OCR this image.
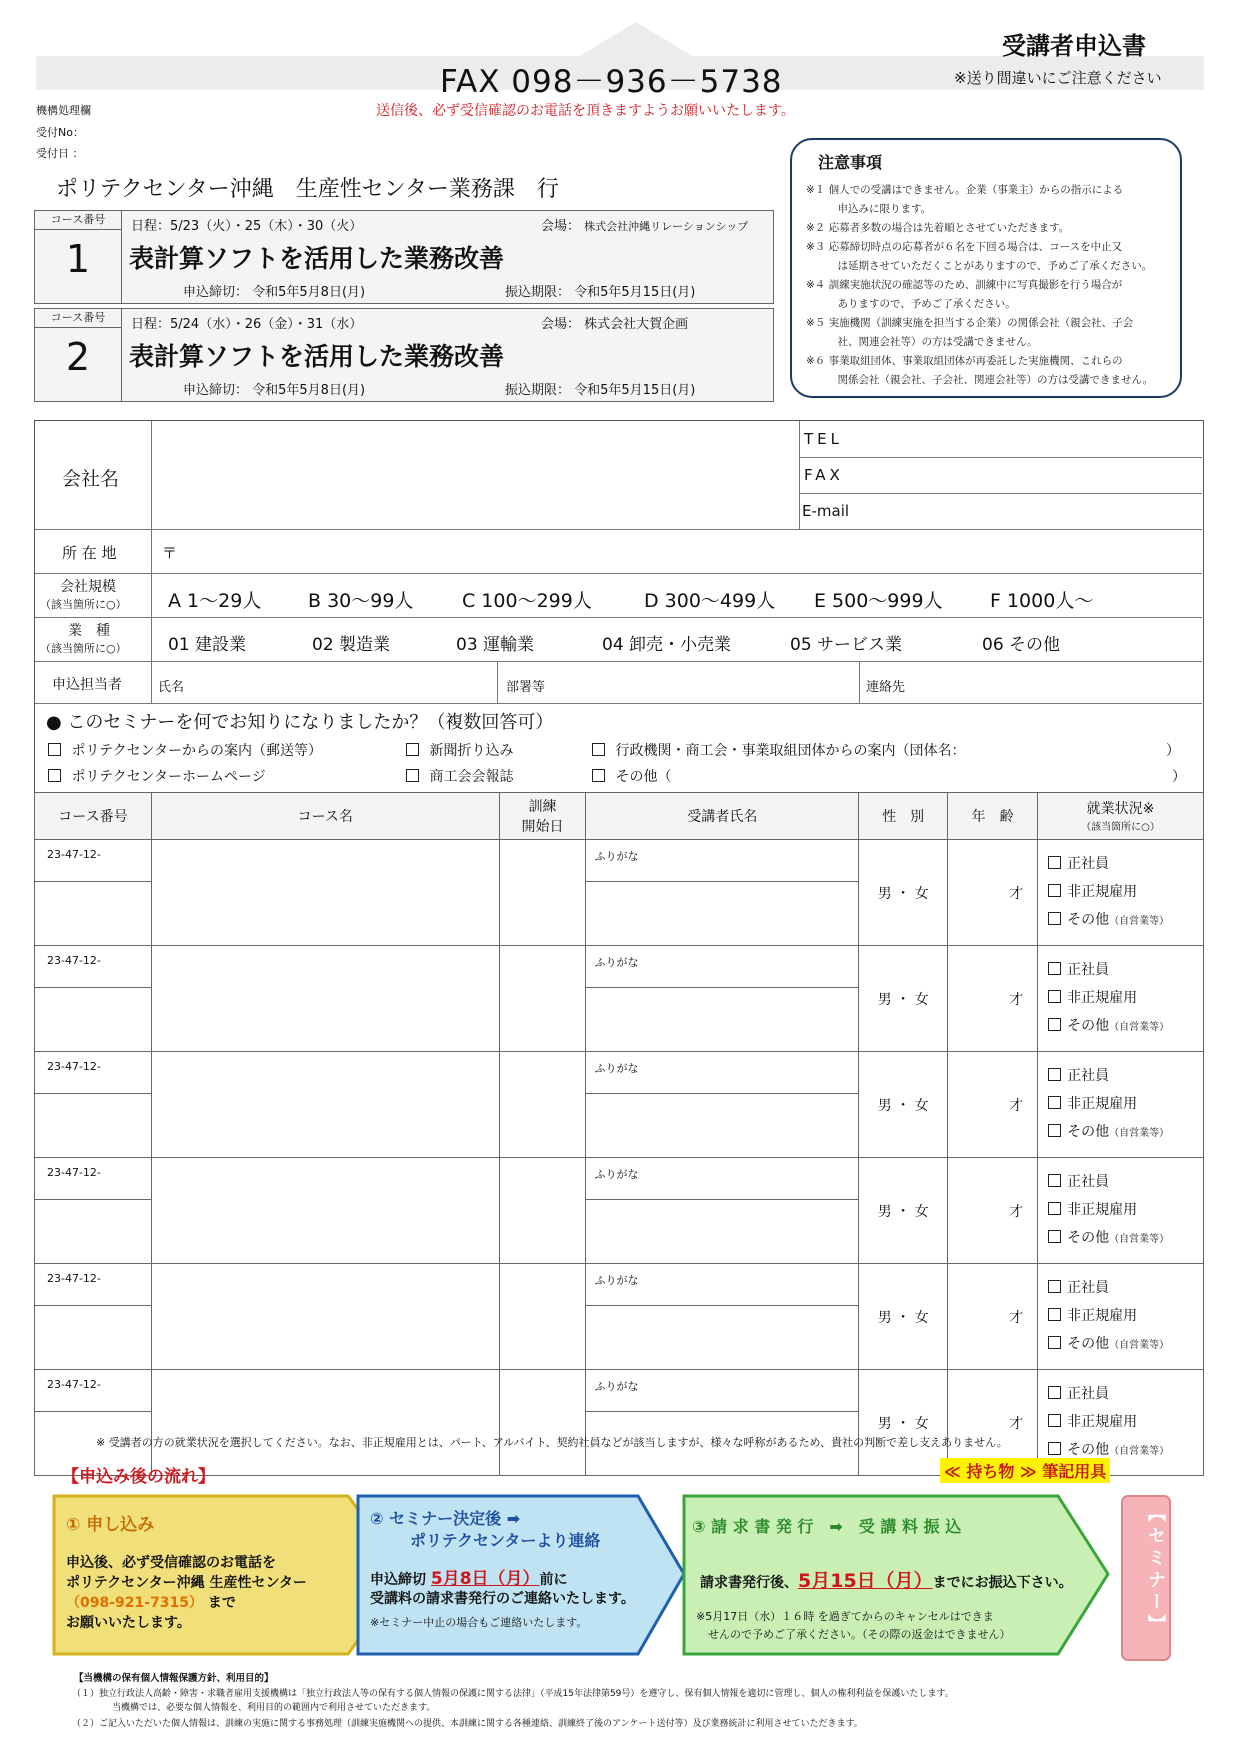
受講者申込書
FAX 098－936－5738	※送り間違いにご注意ください
機構処理欄	送信後、必ず受信確認のお電話を頂きますようお願いいたします。
受付No：
受付日 ：
ポリテクセンター沖縄　生産性センター業務課　行
コース番号
1
日程：5/23（火）・25（木）・30（火）	会場： 株式会社沖縄リレーションシップ
表計算ソフトを活用した業務改善
申込締切： 令和5年5月8日(月)	振込期限： 令和5年5月15日(月)
コース番号
2
日程：5/24（水）・26（金）・31（水）	会場： 株式会社大賀企画
表計算ソフトを活用した業務改善
申込締切： 令和5年5月8日(月)	振込期限： 令和5年5月15日(月)
注意事項
※１ 個人での受講はできません。企業（事業主）からの指示による
　　　申込みに限ります。
※２ 応募者多数の場合は先着順とさせていただきます。
※３ 応募締切時点の応募者が６名を下回る場合は、コースを中止又
　　　は延期させていただくことがありますので、予めご了承ください。
※４ 訓練実施状況の確認等のため、訓練中に写真撮影を行う場合が
　　　ありますので、予めご了承ください。
※５ 実施機関（訓練実施を担当する企業）の関係会社（親会社、子会
　　　社、関連会社等）の方は受講できません。
※６ 事業取組団体、事業取組団体が再委託した実施機関、これらの
　　　関係会社（親会社、子会社、関連会社等）の方は受講できません。
会社名
TEL
FAX
E-mail
所 在 地	〒
会社規模
（該当箇所に○） A 1～29人 B 30～99人	C 100～299人	D 300～499人 E 500～999人 F 1000人～
業　種
（該当箇所に○） 01 建設業	02 製造業	03 運輸業	04 卸売・小売業	05 サービス業	06 その他
申込担当者	氏名	部署等	連絡先
● このセミナーを何でお知りになりましたか？（複数回答可）
ポリテクセンターからの案内（郵送等）	新聞折り込み	行政機関・商工会・事業取組団体からの案内（団体名：	）
ポリテクセンターホームページ	商工会会報誌	その他（	）
コース番号	コース名	訓練
開始日	受講者氏名	性　別	年　齢	就業状況※
（該当箇所に○）
23-47-12-			ふりがな	男 ・ 女	才	正社員
非正規雇用
その他（自営業等）

23-47-12-			ふりがな	男 ・ 女	才	正社員
非正規雇用
その他（自営業等）

23-47-12-			ふりがな	男 ・ 女	才	正社員
非正規雇用
その他（自営業等）

23-47-12-			ふりがな	男 ・ 女	才	正社員
非正規雇用
その他（自営業等）

23-47-12-			ふりがな	男 ・ 女	才	正社員
非正規雇用
その他（自営業等）

23-47-12-			ふりがな	男 ・ 女	才	正社員
非正規雇用
その他（自営業等）

※ 受講者の方の就業状況を選択してください。なお、非正規雇用とは、パート、アルバイト、契約社員などが該当しますが、様々な呼称があるため、貴社の判断で差し支えありません。
【申込み後の流れ】	≪ 持ち物 ≫ 筆記用具
① 申し込み
申込後、必ず受信確認のお電話を
ポリテクセンター沖縄 生産性センター
（098-921-7315） まで
お願いいたします。
② セミナー決定後 ➡
ポリテクセンターより連絡
申込締切 5月8日（月）前に
受講料の請求書発行のご連絡いたします。
※セミナー中止の場合もご連絡いたします。
③ 請 求 書 発 行　➡　受 講 料 振 込
請求書発行後、5月15日（月）までにお振込下さい。
※5月17日（水）１６時 を過ぎてからのキャンセルはできま
せんので予めご了承ください。（その際の返金はできません）	【セミナー】
【当機構の保有個人情報保護方針、利用目的】
（１）独立行政法人高齢・障害・求職者雇用支援機構は「独立行政法人等の保有する個人情報の保護に関する法律」（平成15年法律第59号）を遵守し、保有個人情報を適切に管理し、個人の権利利益を保護いたします。
当機構では、必要な個人情報を、利用目的の範囲内で利用させていただきます。
（２）ご記入いただいた個人情報は、訓練の実施に関する事務処理（訓練実施機関への提供、本訓練に関する各種連絡、訓練終了後のアンケート送付等）及び業務統計に利用させていただきます。
